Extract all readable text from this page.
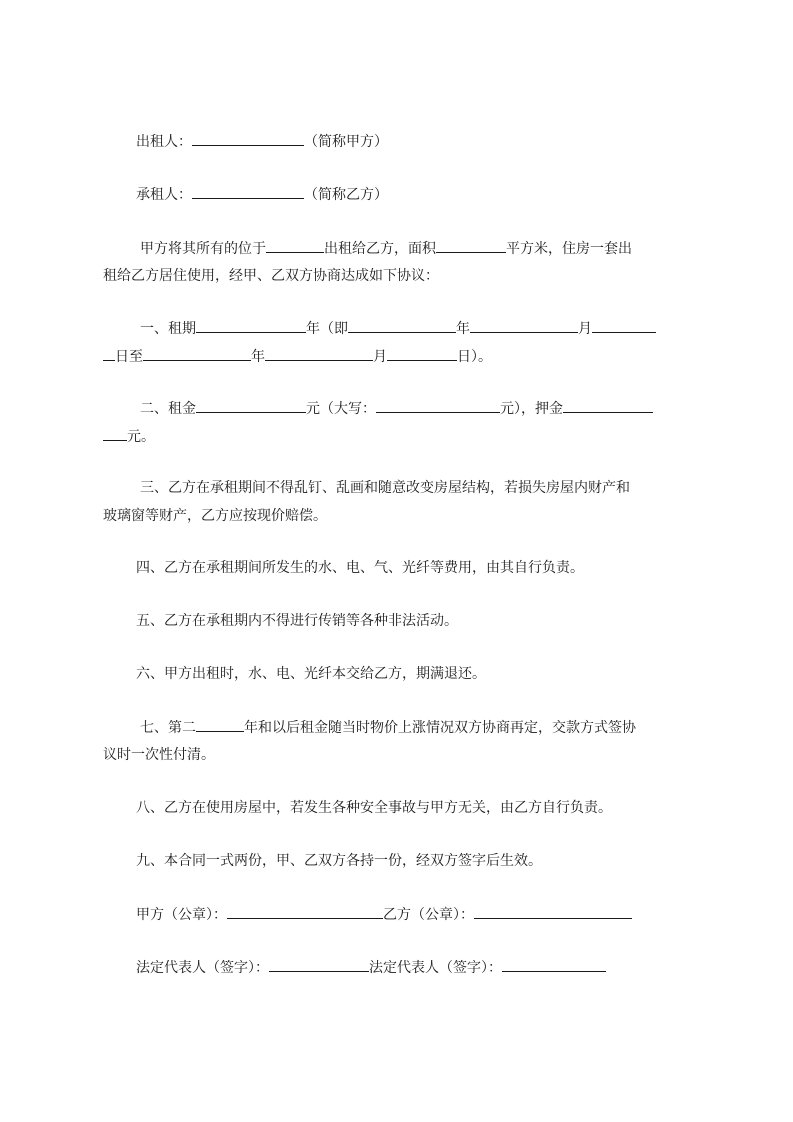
出租人：	（简称甲方）
承租人：	（简称乙方）
甲方将其所有的位于	出租给乙方，面积	平方米，住房一套出
租给乙方居住使用，经甲、乙双方协商达成如下协议：
一、租期	年（即	年	月
日至	年	月	日）。
二、租金	元（大写：	元），押金
元。
三、乙方在承租期间不得乱钉、乱画和随意改变房屋结构，若损失房屋内财产和
玻璃窗等财产，乙方应按现价赔偿。
四、乙方在承租期间所发生的水、电、气、光纤等费用，由其自行负责。
五、乙方在承租期内不得进行传销等各种非法活动。
六、甲方出租时，水、电、光纤本交给乙方，期满退还。
七、第二	年和以后租金随当时物价上涨情况双方协商再定，交款方式签协
议时一次性付清。
八、乙方在使用房屋中，若发生各种安全事故与甲方无关，由乙方自行负责。
九、本合同一式两份，甲、乙双方各持一份，经双方签字后生效。
甲方（公章）：	乙方（公章）：
法定代表人（签字）：	法定代表人（签字）：
